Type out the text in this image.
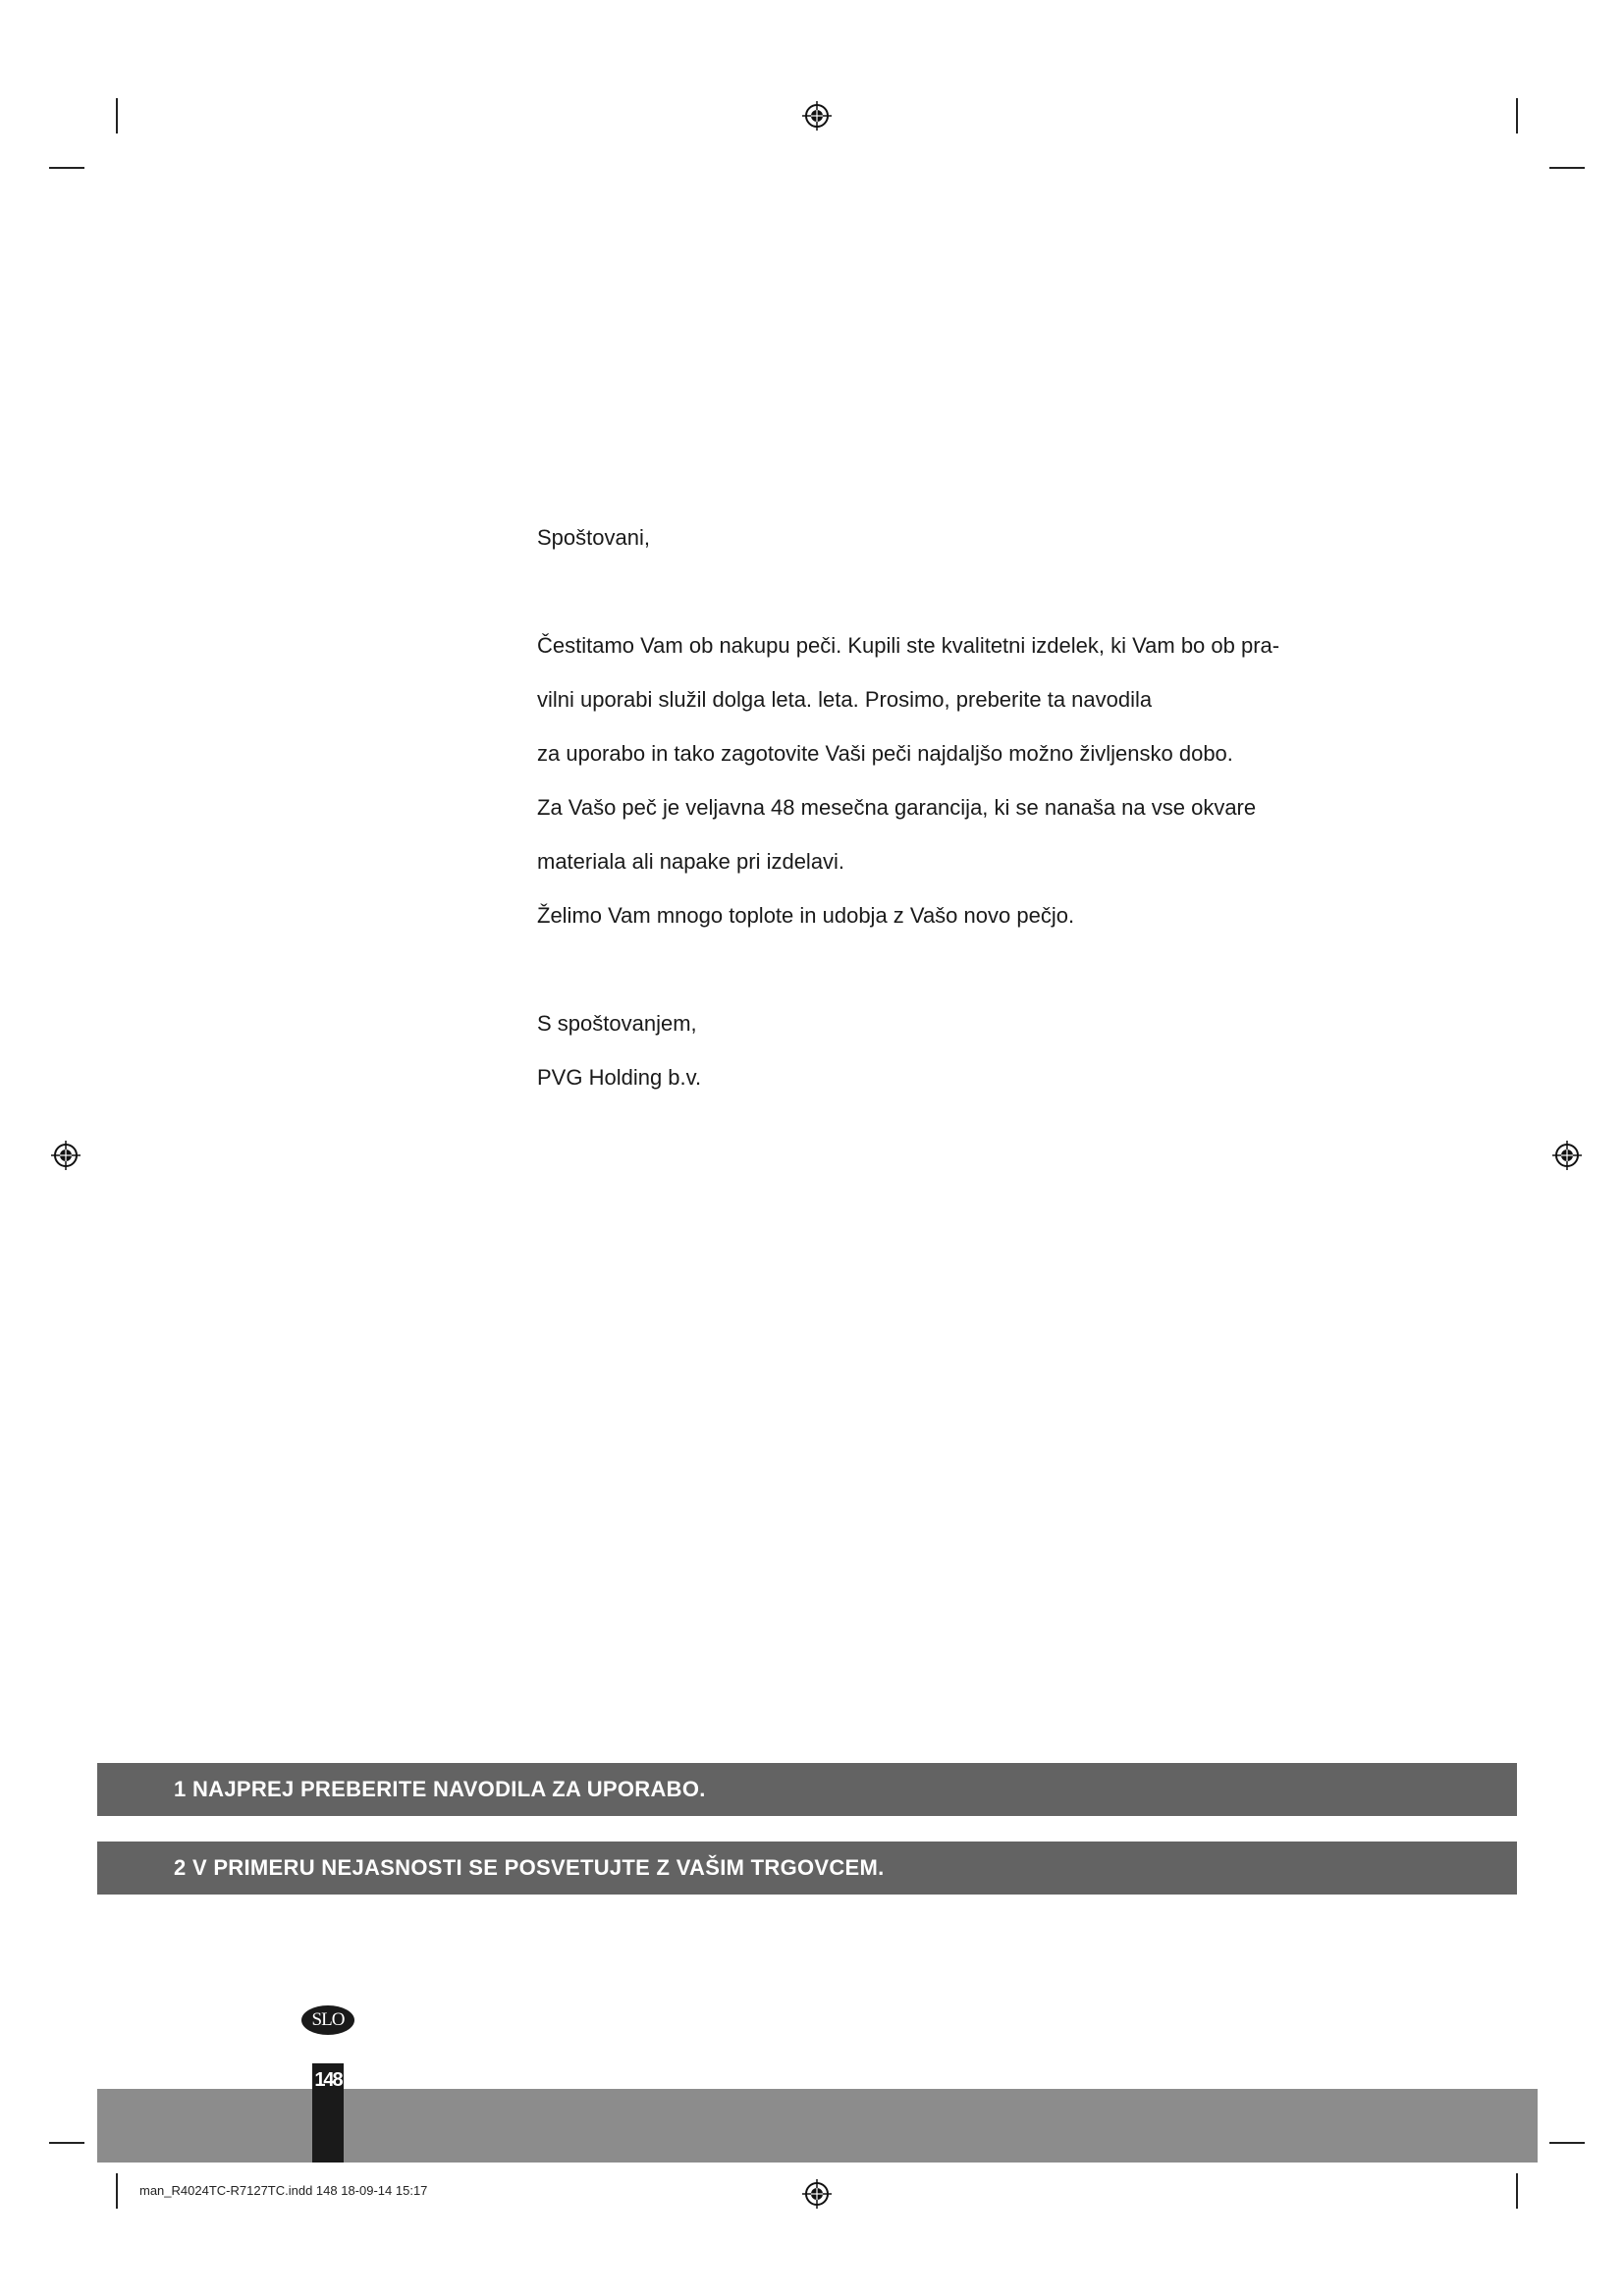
Spoštovani,

Čestitamo Vam ob nakupu peči. Kupili ste kvalitetni izdelek, ki Vam bo ob pra-

vilni uporabi služil dolga leta. leta. Prosimo, preberite ta navodila

za uporabo in tako zagotovite Vaši peči najdaljšo možno življensko dobo.

Za Vašo peč je veljavna 48 mesečna garancija, ki se nanaša na vse okvare

materiala ali napake pri izdelavi.

Želimo Vam mnogo toplote in udobja z Vašo novo pečjo.

S spoštovanjem,

PVG Holding b.v.

1 NAJPREJ PREBERITE NAVODILA ZA UPORABO.
2 V PRIMERU NEJASNOSTI SE POSVETUJTE Z VAŠIM TRGOVCEM.
SLO
148
man_R4024TC-R7127TC.indd 148 18-09-14 15:17
